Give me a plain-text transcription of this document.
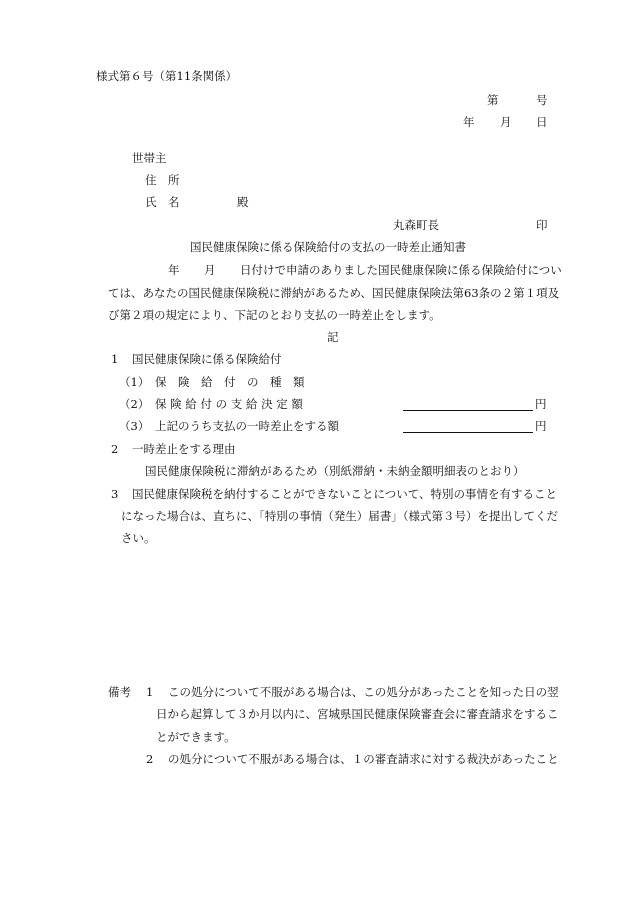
様式第６号（第11条関係）
第	号
年 月 日
世帯主
住　所
氏　名	殿
丸森町長	印
国民健康保険に係る保険給付の支払の一時差止通知書
年 月 日付けで申請のありました国民健康保険に係る保険給付につい
ては、あなたの国民健康保険税に滞納があるため、国民健康保険法第63条の２第１項及
び第２項の規定により、下記のとおり支払の一時差止をします。
記
1 国民健康保険に係る保険給付
（1） 保　険　給　付　の　種　類
（2） 保 険 給 付 の 支 給 決 定 額	円
（3） 上記のうち支払の一時差止をする額	円
2 一時差止をする理由
国民健康保険税に滞納があるため（別紙滞納・未納金額明細表のとおり）
3 国民健康保険税を納付することができないことについて、特別の事情を有すること
になった場合は、直ちに、「特別の事情（発生）届書」（様式第３号）を提出してくだ
さい。
備考 1 この処分について不服がある場合は、この処分があったことを知った日の翌
日から起算して３か月以内に、宮城県国民健康保険審査会に審査請求をするこ
とができます。
2 の処分について不服がある場合は、１の審査請求に対する裁決があったこと
